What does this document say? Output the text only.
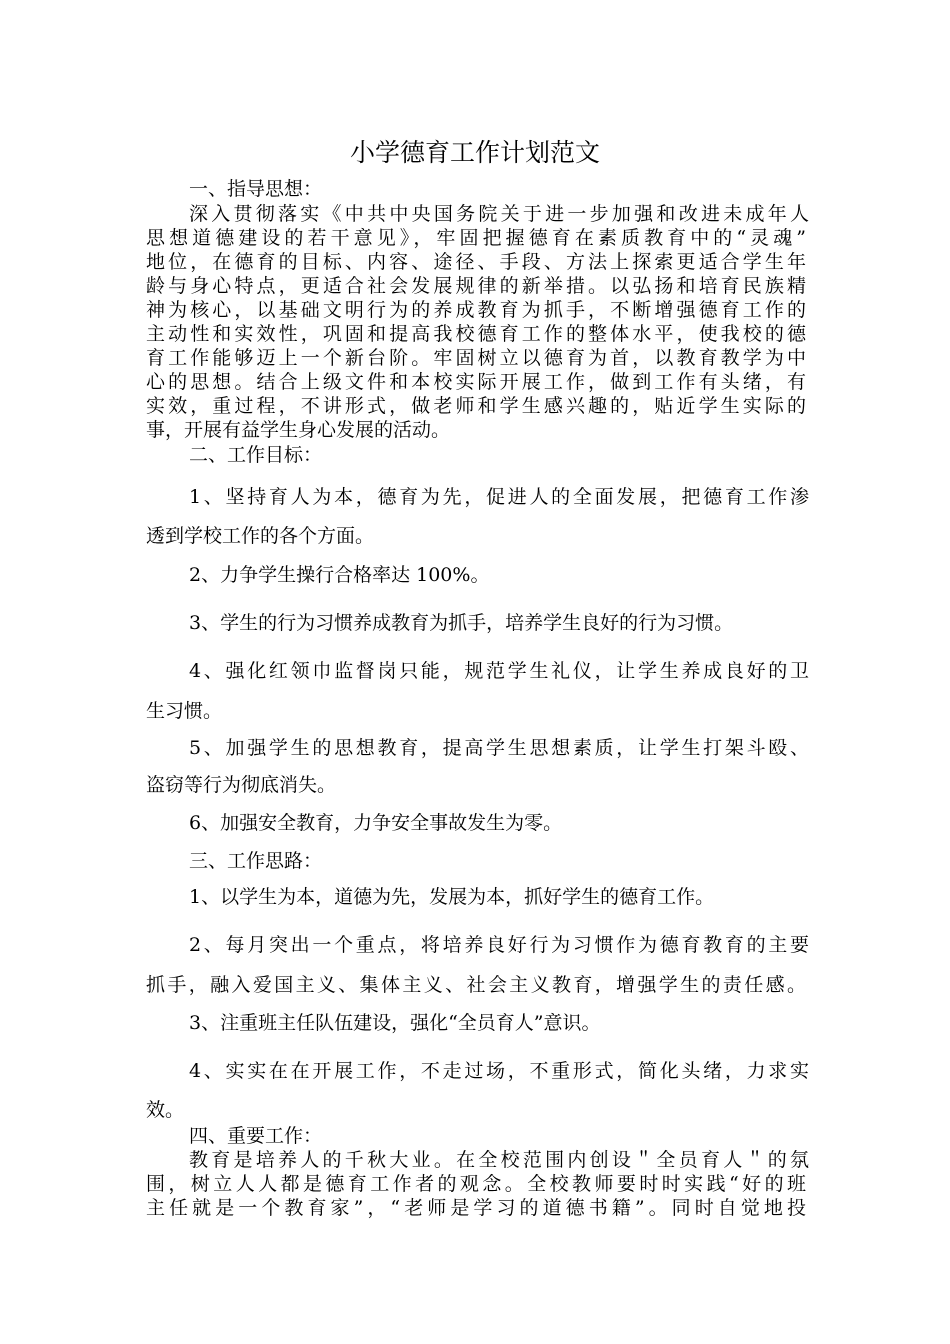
小学德育工作计划范文

一、指导思想：

深入贯彻落实《中共中央国务院关于进一步加强和改进未成年人

思想道德建设的若干意见》，牢固把握德育在素质教育中的“灵魂”

地位，在德育的目标、内容、途径、手段、方法上探索更适合学生年

龄与身心特点，更适合社会发展规律的新举措。以弘扬和培育民族精

神为核心，以基础文明行为的养成教育为抓手，不断增强德育工作的

主动性和实效性，巩固和提高我校德育工作的整体水平，使我校的德

育工作能够迈上一个新台阶。牢固树立以德育为首，以教育教学为中

心的思想。结合上级文件和本校实际开展工作，做到工作有头绪，有

实效，重过程，不讲形式，做老师和学生感兴趣的，贴近学生实际的

事，开展有益学生身心发展的活动。

二、工作目标：

1、坚持育人为本，德育为先，促进人的全面发展，把德育工作渗

透到学校工作的各个方面。

2、力争学生操行合格率达 100%。

3、学生的行为习惯养成教育为抓手，培养学生良好的行为习惯。

4、强化红领巾监督岗只能，规范学生礼仪，让学生养成良好的卫

生习惯。

5、加强学生的思想教育，提高学生思想素质，让学生打架斗殴、

盗窃等行为彻底消失。

6、加强安全教育，力争安全事故发生为零。

三、工作思路：

1、以学生为本，道德为先，发展为本，抓好学生的德育工作。

2、每月突出一个重点，将培养良好行为习惯作为德育教育的主要

抓手，融入爱国主义、集体主义、社会主义教育，增强学生的责任感。

3、注重班主任队伍建设，强化“全员育人”意识。

4、实实在在开展工作，不走过场，不重形式，简化头绪，力求实

效。

四、重要工作：

教育是培养人的千秋大业。在全校范围内创设＂全员育人＂的氛

围，树立人人都是德育工作者的观念。全校教师要时时实践“好的班

主任就是一个教育家”，“老师是学习的道德书籍”。同时自觉地投
